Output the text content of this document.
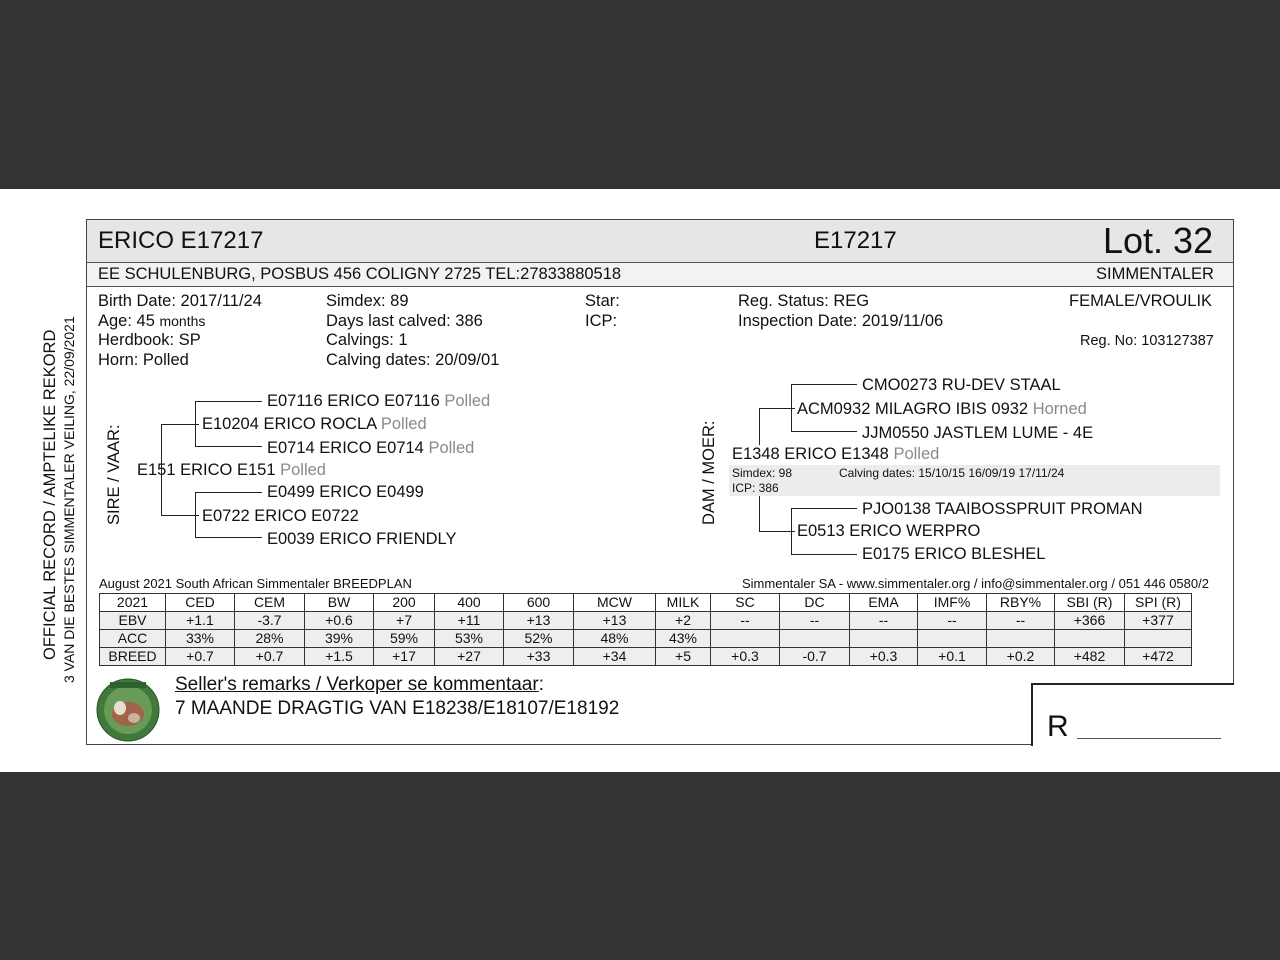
OFFICIAL RECORD / AMPTELIKE REKORD 3 VAN DIE BESTES SIMMENTALER VEILING, 22/09/2021
ERICO E17217	E17217	Lot. 32
EE SCHULENBURG, POSBUS 456 COLIGNY 2725 TEL:27833880518	SIMMENTALER
Birth Date: 2017/11/24
Age: 45 months
Herdbook: SP
Horn: Polled
Simdex: 89
Days last calved: 386
Calvings: 1
Calving dates: 20/09/01
Star:
ICP:
Reg. Status: REG
Inspection Date: 2019/11/06
FEMALE/VROULIK
Reg. No: 103127387
SIRE / VAAR:
E07116 ERICO E07116 Polled
E10204 ERICO ROCLA Polled
E0714 ERICO E0714 Polled
E151 ERICO E151 Polled
E0499 ERICO E0499
E0722 ERICO E0722
E0039 ERICO FRIENDLY
DAM / MOER:
CMO0273 RU-DEV STAAL
ACM0932 MILAGRO IBIS 0932 Horned
JJM0550 JASTLEM LUME - 4E
E1348 ERICO E1348 Polled
Simdex: 98	Calving dates: 15/10/15 16/09/19 17/11/24
ICP: 386
PJO0138 TAAIBOSSPRUIT PROMAN
E0513 ERICO WERPRO
E0175 ERICO BLESHEL
August 2021 South African Simmentaler BREEDPLAN	Simmentaler SA - www.simmentaler.org / info@simmentaler.org / 051 446 0580/2
2021	CED	CEM	BW	200	400	600	MCW	MILK	SC	DC	EMA	IMF%	RBY%	SBI (R)	SPI (R)
EBV	+1.1	-3.7	+0.6	+7	+11	+13	+13	+2	--	--	--	--	--	+366	+377
ACC	33%	28%	39%	59%	53%	52%	48%	43%							
BREED	+0.7	+0.7	+1.5	+17	+27	+33	+34	+5	+0.3	-0.7	+0.3	+0.1	+0.2	+482	+472
Seller's remarks / Verkoper se kommentaar:
7 MAANDE DRAGTIG VAN E18238/E18107/E18192
R
